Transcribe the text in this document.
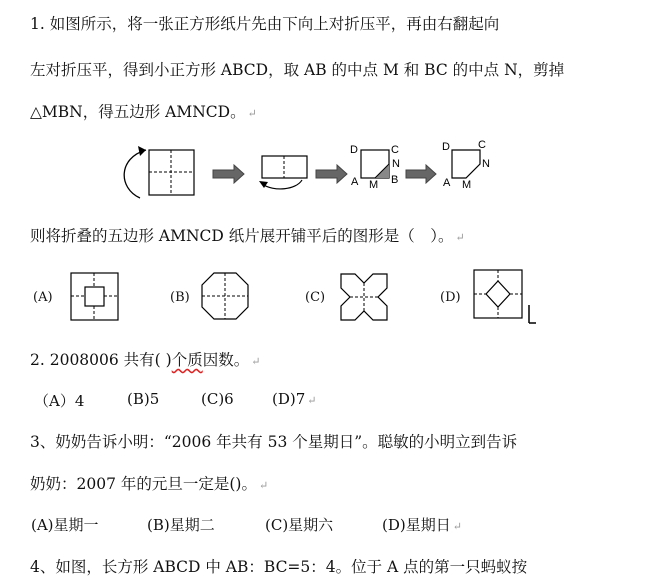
1. 如图所示，将一张正方形纸片先由下向上对折压平，再由右翻起向
左对折压平，得到小正方形 ABCD，取 AB 的中点 M 和 BC 的中点 N，剪掉
△MBN，得五边形 AMNCD。 ↵
D	C
N
B
A M
D	C
N
A M
则将折叠的五边形 AMNCD 纸片展开铺平后的图形是（　）。 ↵
(A)	(B)	(C)	(D)
2. 2008006 共有( )个质因数。 ↵
（A）4	(B)5	(C)6	(D)7 ↵
3、奶奶告诉小明：“2006 年共有 53 个星期日”。聪敏的小明立到告诉
奶奶：2007 年的元旦一定是()。 ↵
(A)星期一	(B)星期二	(C)星期六	(D)星期日 ↵
4、如图，长方形 ABCD 中 AB：BC=5：4。位于 A 点的第一只蚂蚁按
